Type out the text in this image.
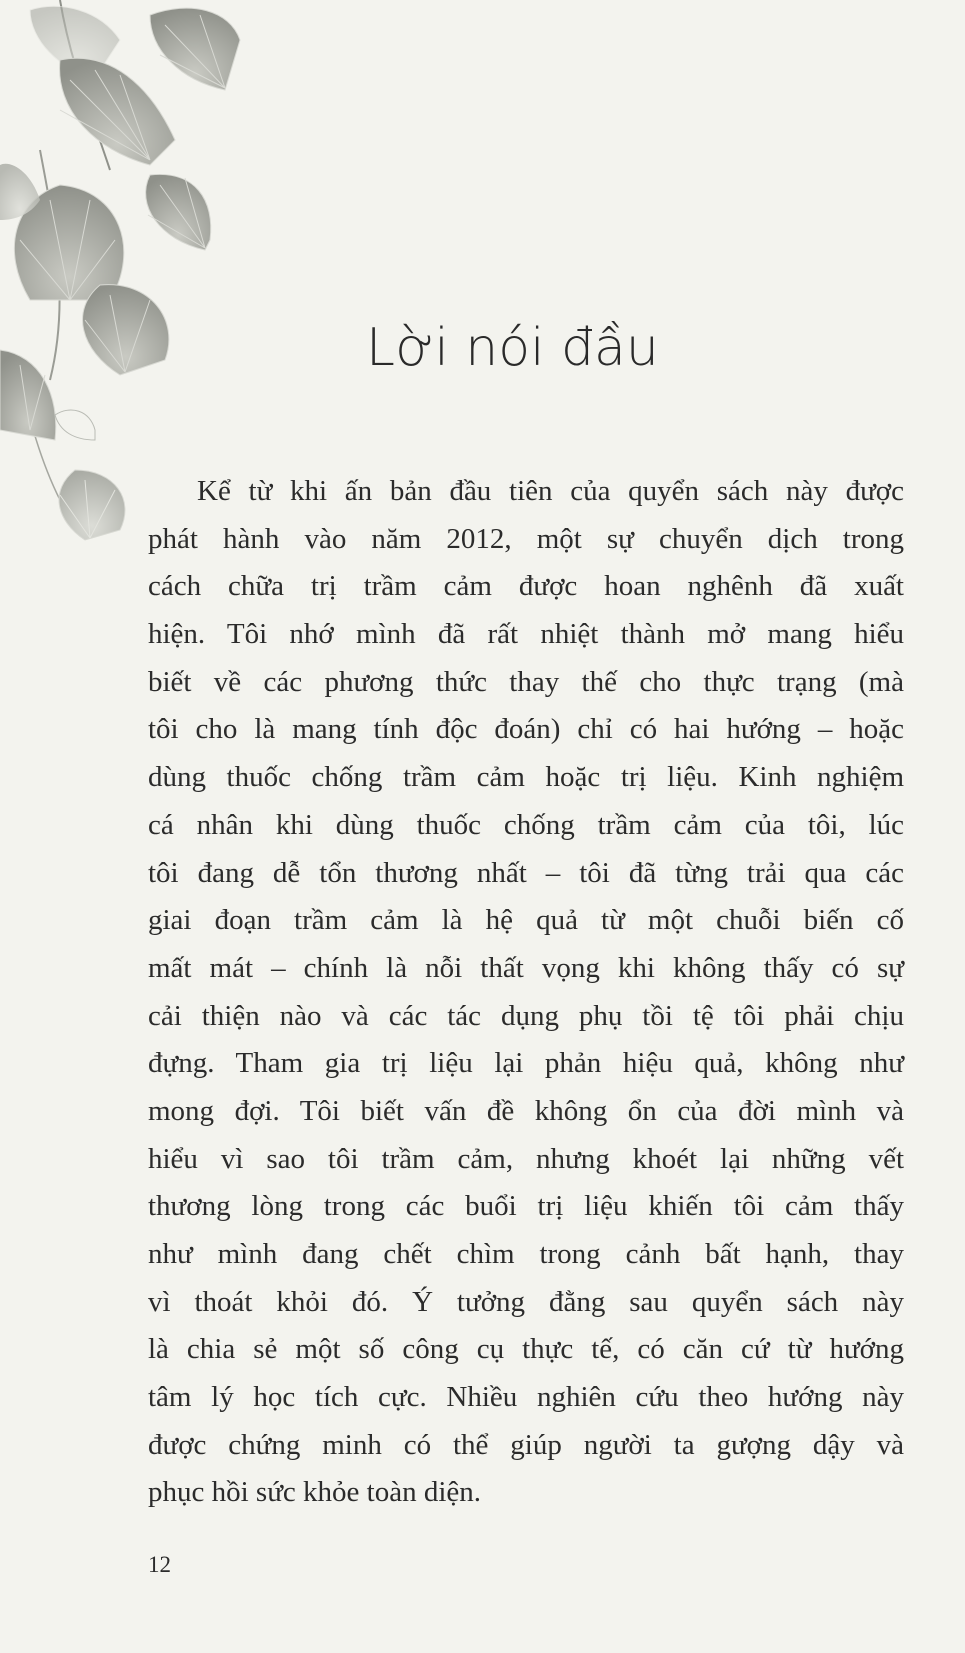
Lời nói đầu
Kể từ khi ấn bản đầu tiên của quyển sách này được
phát hành vào năm 2012, một sự chuyển dịch trong
cách chữa trị trầm cảm được hoan nghênh đã xuất
hiện. Tôi nhớ mình đã rất nhiệt thành mở mang hiểu
biết về các phương thức thay thế cho thực trạng (mà
tôi cho là mang tính độc đoán) chỉ có hai hướng – hoặc
dùng thuốc chống trầm cảm hoặc trị liệu. Kinh nghiệm
cá nhân khi dùng thuốc chống trầm cảm của tôi, lúc
tôi đang dễ tổn thương nhất – tôi đã từng trải qua các
giai đoạn trầm cảm là hệ quả từ một chuỗi biến cố
mất mát – chính là nỗi thất vọng khi không thấy có sự
cải thiện nào và các tác dụng phụ tồi tệ tôi phải chịu
đựng. Tham gia trị liệu lại phản hiệu quả, không như
mong đợi. Tôi biết vấn đề không ổn của đời mình và
hiểu vì sao tôi trầm cảm, nhưng khoét lại những vết
thương lòng trong các buổi trị liệu khiến tôi cảm thấy
như mình đang chết chìm trong cảnh bất hạnh, thay
vì thoát khỏi đó. Ý tưởng đằng sau quyển sách này
là chia sẻ một số công cụ thực tế, có căn cứ từ hướng
tâm lý học tích cực. Nhiều nghiên cứu theo hướng này
được chứng minh có thể giúp người ta gượng dậy và
phục hồi sức khỏe toàn diện.
12
